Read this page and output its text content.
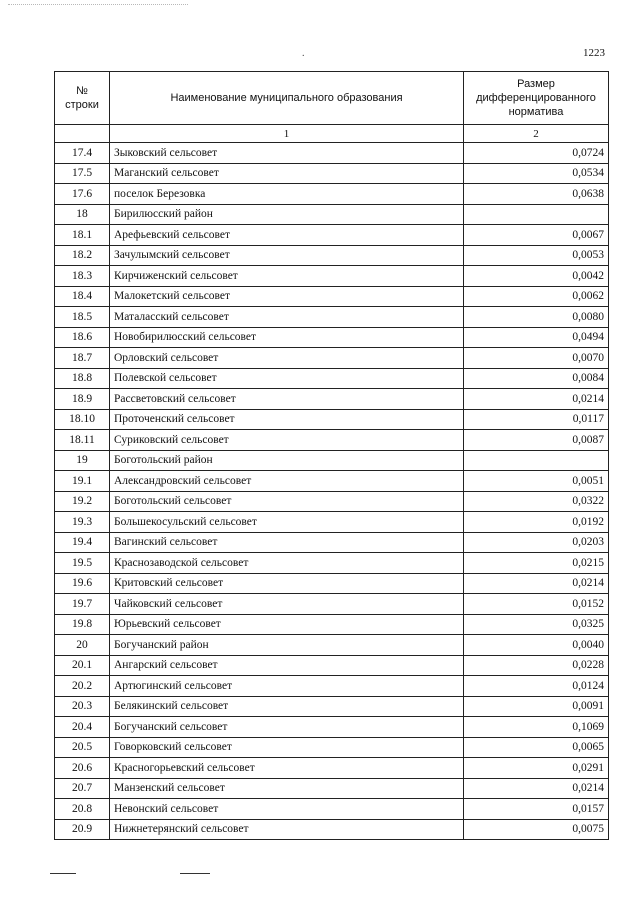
.	1223
№ строки	Наименование муниципального образования	Размер дифференцированного норматива
	1	2
17.4	Зыковский сельсовет	0,0724
17.5	Маганский сельсовет	0,0534
17.6	поселок Березовка	0,0638
18	Бирилюсский район	
18.1	Арефьевский сельсовет	0,0067
18.2	Зачулымский сельсовет	0,0053
18.3	Кирчиженский сельсовет	0,0042
18.4	Малокетский сельсовет	0,0062
18.5	Маталасский сельсовет	0,0080
18.6	Новобирилюсский сельсовет	0,0494
18.7	Орловский сельсовет	0,0070
18.8	Полевской сельсовет	0,0084
18.9	Рассветовский сельсовет	0,0214
18.10	Проточенский сельсовет	0,0117
18.11	Суриковский сельсовет	0,0087
19	Боготольский район	
19.1	Александровский сельсовет	0,0051
19.2	Боготольский сельсовет	0,0322
19.3	Большекосульский сельсовет	0,0192
19.4	Вагинский сельсовет	0,0203
19.5	Краснозаводской сельсовет	0,0215
19.6	Критовский сельсовет	0,0214
19.7	Чайковский сельсовет	0,0152
19.8	Юрьевский сельсовет	0,0325
20	Богучанский район	0,0040
20.1	Ангарский сельсовет	0,0228
20.2	Артюгинский сельсовет	0,0124
20.3	Белякинский сельсовет	0,0091
20.4	Богучанский сельсовет	0,1069
20.5	Говорковский сельсовет	0,0065
20.6	Красногорьевский сельсовет	0,0291
20.7	Манзенский сельсовет	0,0214
20.8	Невонский сельсовет	0,0157
20.9	Нижнетерянский сельсовет	0,0075
